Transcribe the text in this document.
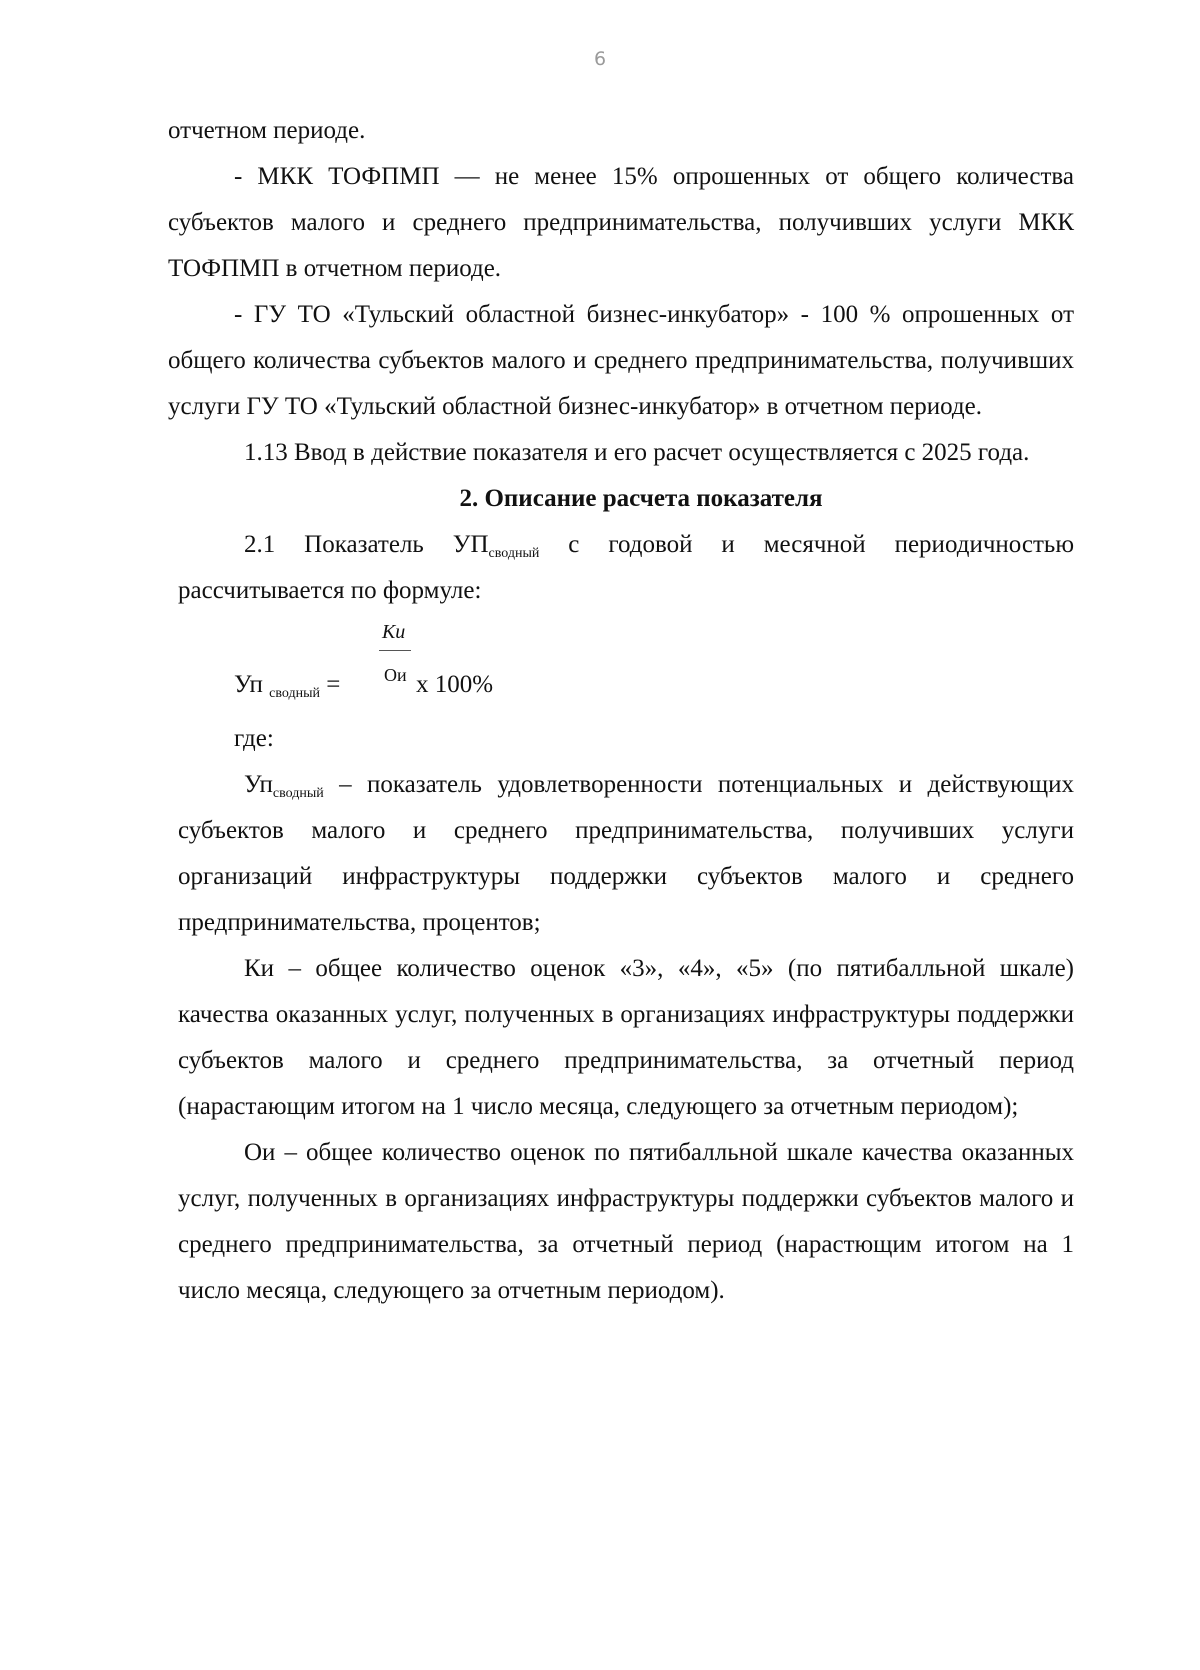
6

отчетном периоде.

- МКК ТОФПМП — не менее 15% опрошенных от общего количества субъектов малого и среднего предпринимательства, получивших услуги МКК ТОФПМП в отчетном периоде.

- ГУ ТО «Тульский областной бизнес-инкубатор» - 100 % опрошенных от общего количества субъектов малого и среднего предпринимательства, получивших услуги ГУ ТО «Тульский областной бизнес-инкубатор» в отчетном периоде.

1.13 Ввод в действие показателя и его расчет осуществляется с 2025 года.

2. Описание расчета показателя

2.1 Показатель $УП_{сводный}$ с годовой и месячной периодичностью рассчитывается по формуле:

Уп $_{сводный}$ =
Ки
Ои х 100%

где:

$Уп_{сводный}$ – показатель удовлетворенности потенциальных и действующих субъектов малого и среднего предпринимательства, получивших услуги организаций инфраструктуры поддержки субъектов малого и среднего предпринимательства, процентов;

Ки – общее количество оценок «3», «4», «5» (по пятибалльной шкале) качества оказанных услуг, полученных в организациях инфраструктуры поддержки субъектов малого и среднего предпринимательства, за отчетный период (нарастающим итогом на 1 число месяца, следующего за отчетным периодом);

Ои – общее количество оценок по пятибалльной шкале качества оказанных услуг, полученных в организациях инфраструктуры поддержки субъектов малого и среднего предпринимательства, за отчетный период (нарастющим итогом на 1 число месяца, следующего за отчетным периодом).
